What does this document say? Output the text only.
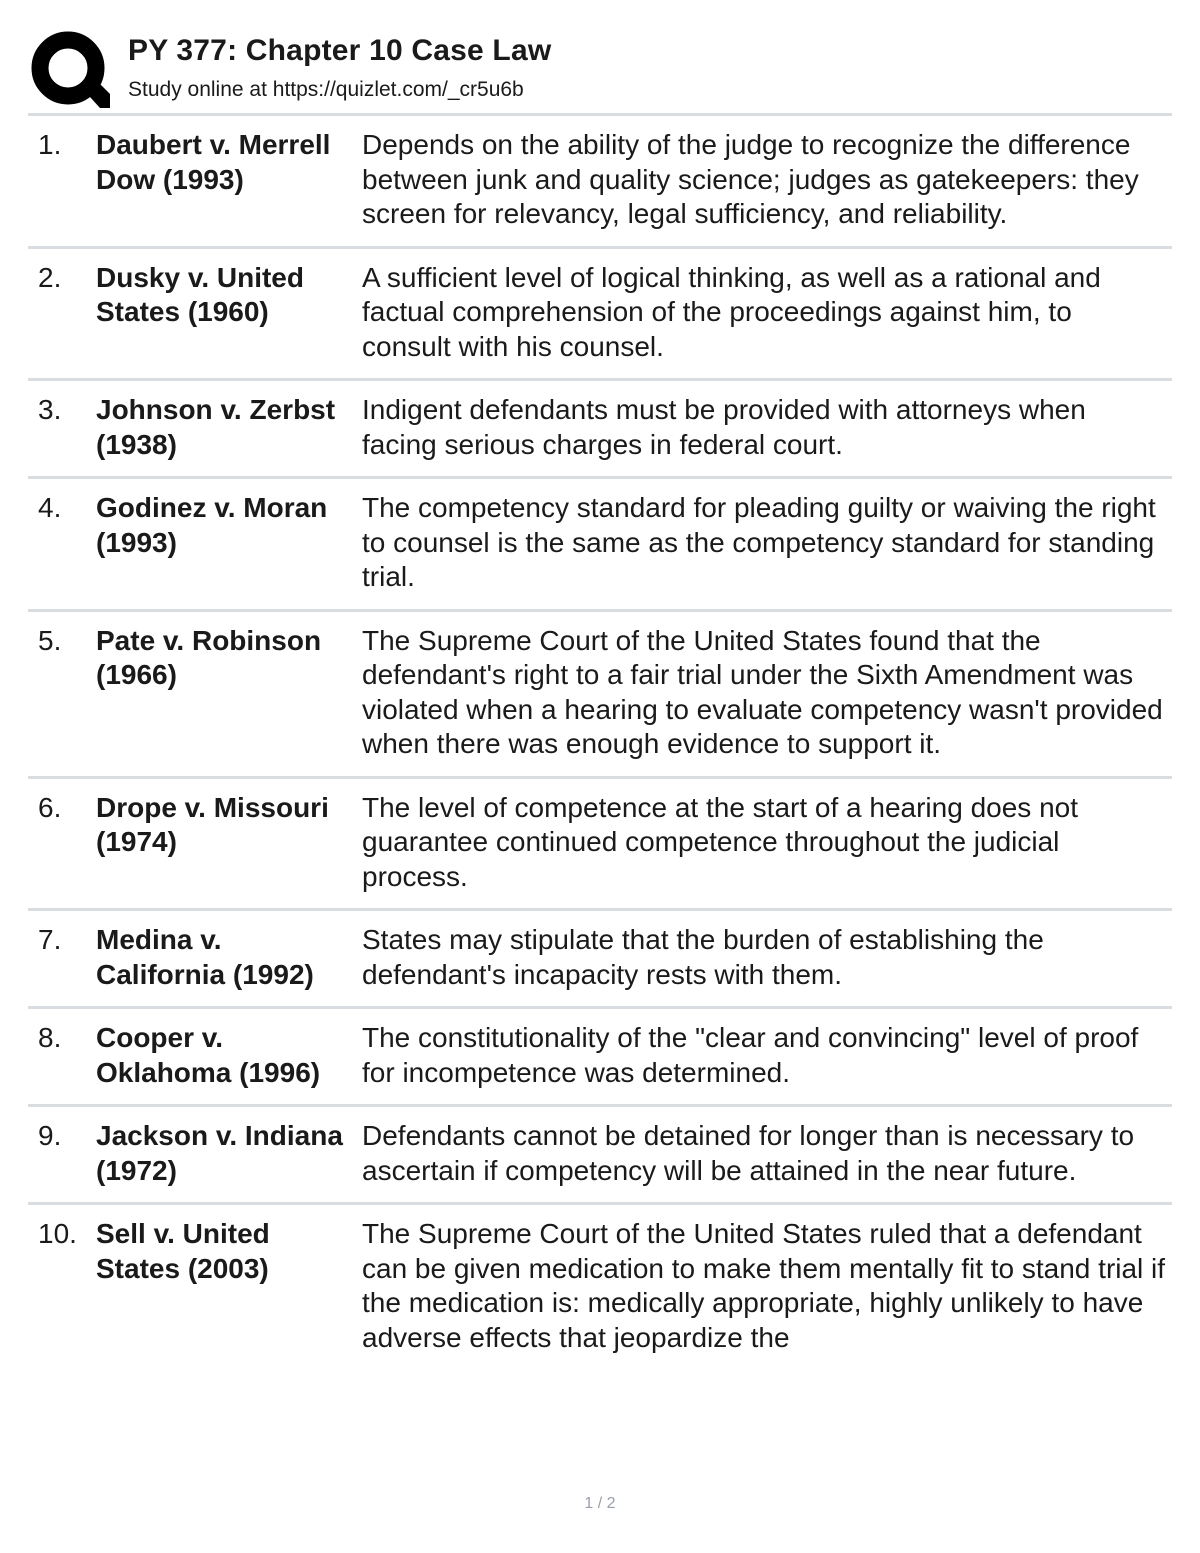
PY 377: Chapter 10 Case Law
Study online at https://quizlet.com/_cr5u6b
1.	Daubert v. Merrell Dow (1993)
Depends on the ability of the judge to recognize the difference between junk and quality science; judges as gatekeepers: they screen for relevancy, legal sufficiency, and reliability.
2.	Dusky v. United States (1960)
A sufficient level of logical thinking, as well as a rational and factual comprehension of the proceedings against him, to consult with his counsel.
3.	Johnson v. Zerbst (1938)
Indigent defendants must be provided with attorneys when facing serious charges in federal court.
4.	Godinez v. Moran (1993)
The competency standard for pleading guilty or waiving the right to counsel is the same as the competency standard for standing trial.
5.	Pate v. Robinson (1966)
The Supreme Court of the United States found that the defendant's right to a fair trial under the Sixth Amendment was violated when a hearing to evaluate competency wasn't provided when there was enough evidence to support it.
6.	Drope v. Missouri (1974)
The level of competence at the start of a hearing does not guarantee continued competence throughout the judicial process.
7.	Medina v. California (1992)
States may stipulate that the burden of establishing the defendant's incapacity rests with them.
8.	Cooper v. Oklahoma (1996)
The constitutionality of the "clear and convincing" level of proof for incompetence was determined.
9.	Jackson v. Indiana (1972)
Defendants cannot be detained for longer than is necessary to ascertain if competency will be attained in the near future.
10. Sell v. United States (2003)
The Supreme Court of the United States ruled that a defendant can be given medication to make them mentally fit to stand trial if the medication is: medically appropriate, highly unlikely to have adverse effects that jeopardize the
1 / 2
